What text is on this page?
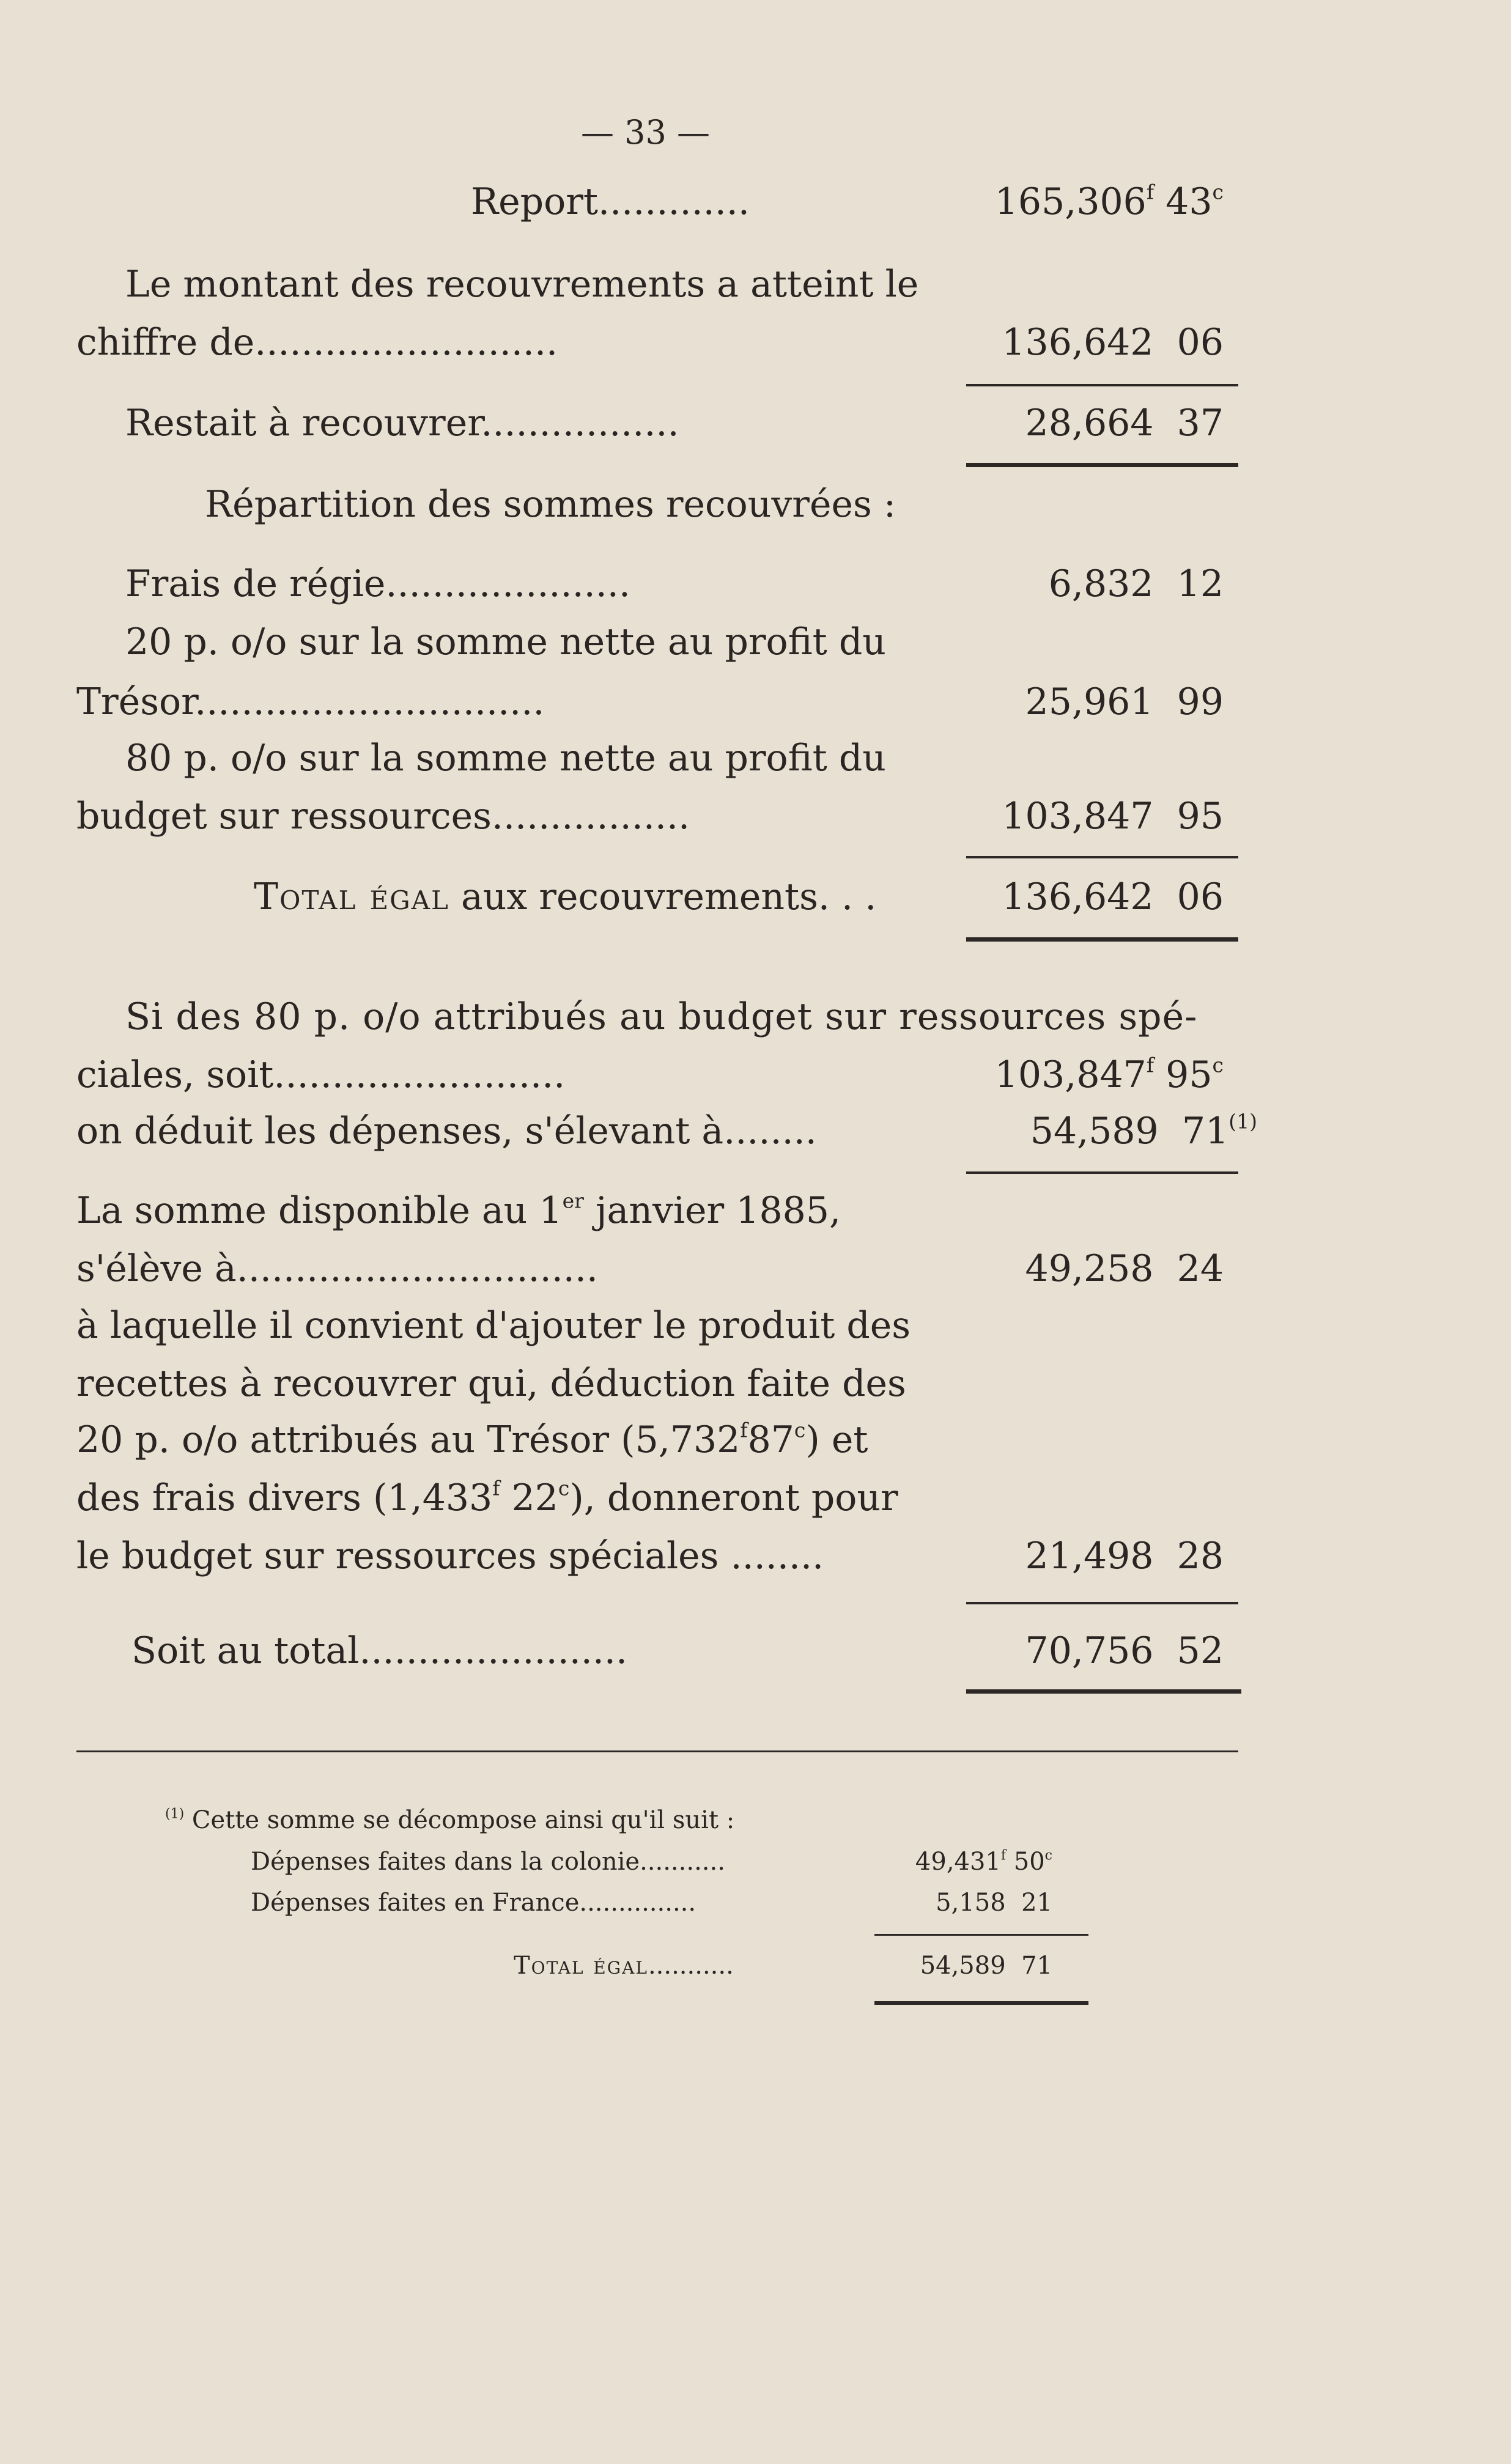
— 33 —
Report.............	165,306$^f$ 43$^c$
Le montant des recouvrements a atteint le
chiffre de..........................	136,642 06
Restait à recouvrer.................	28,664 37
Répartition des sommes recouvrées :
Frais de régie.....................	6,832 12
20 p. o/o sur la somme nette au profit du
Trésor..............................	25,961 99
80 p. o/o sur la somme nette au profit du
budget sur ressources.................	103,847 95
Total égal aux recouvrements. . .	136,642 06
Si des 80 p. o/o attribués au budget sur ressources spé-
ciales, soit.........................	103,847$^f$ 95$^c$
on déduit les dépenses, s'élevant à........	54,589 71$^{(1)}$
La somme disponible au 1er janvier 1885,
s'élève à...............................	49,258 24
à laquelle il convient d'ajouter le produit des
recettes à recouvrer qui, déduction faite des
20 p. o/o attribués au Trésor (5,732$^f$87$^c$) et
des frais divers (1,433$^f$ 22$^c$), donneront pour
le budget sur ressources spéciales ........	21,498 28
Soit au total.......................	70,756 52
$^{(1)}$ Cette somme se décompose ainsi qu'il suit :
Dépenses faites dans la colonie...........	49,431$^f$ 50$^c$
Dépenses faites en France...............	5,158 21
Total égal...........	54,589 71
